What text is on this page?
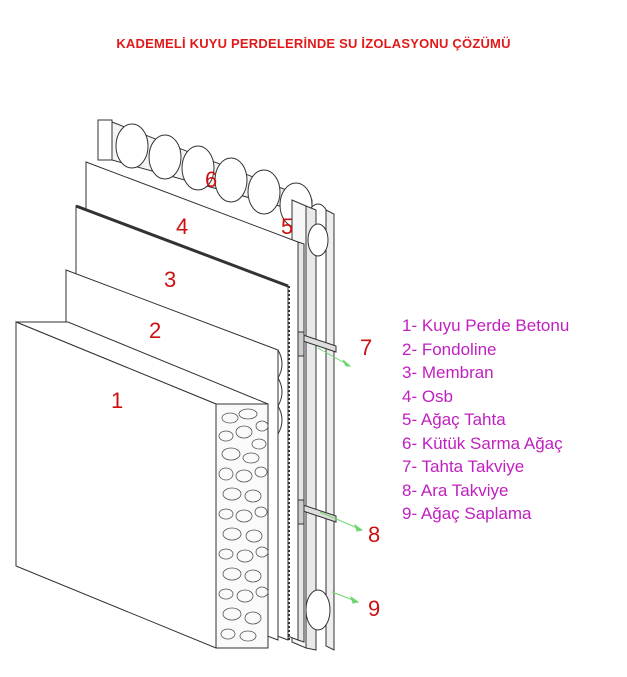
KADEMELİ KUYU PERDELERİNDE SU İZOLASYONU ÇÖZÜMÜ
1
2
3
4	5
6
7
8
9
1- Kuyu Perde Betonu
2- Fondoline
3- Membran
4- Osb
5- Ağaç Tahta
6- Kütük Sarma Ağaç
7- Tahta Takviye
8- Ara Takviye
9- Ağaç Saplama
